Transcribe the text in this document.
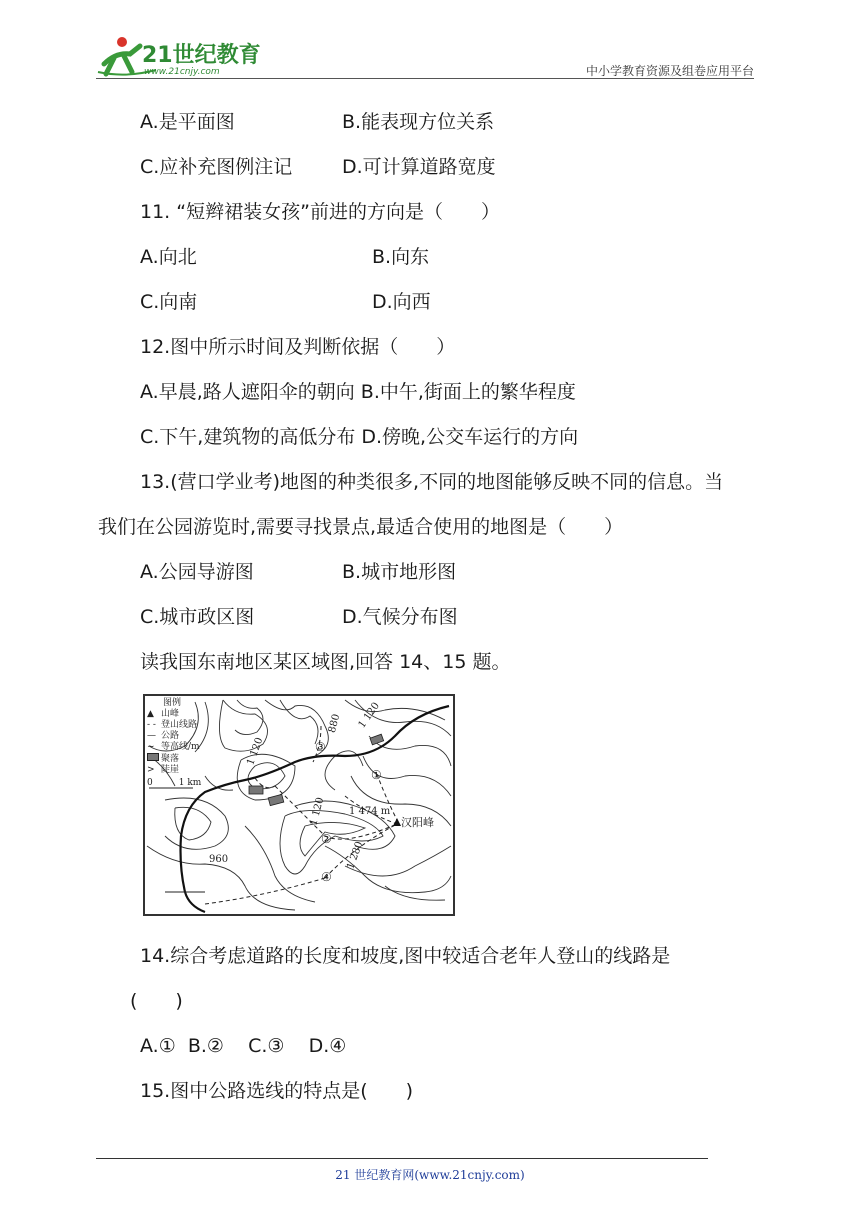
21世纪教育
www.21cnjy.com	中小学教育资源及组卷应用平台
A.是平面图	B.能表现方位关系
C.应补充图例注记	D.可计算道路宽度
11. “短辫裙装女孩”前进的方向是（　　）
A.向北	B.向东
C.向南	D.向西
12.图中所示时间及判断依据（　　）
A.早晨,路人遮阳伞的朝向 B.中午,街面上的繁华程度
C.下午,建筑物的高低分布 D.傍晚,公交车运行的方向
13.(营口学业考)地图的种类很多,不同的地图能够反映不同的信息。当
我们在公园游览时,需要寻找景点,最适合使用的地图是（　　）
A.公园导游图	B.城市地形图
C.城市政区图	D.气候分布图
读我国东南地区某区域图,回答 14、15 题。
图例
▲ 山峰
- - 登山线路
— 公路
~ 等高线/m
聚落
> 陡崖
0	1 km
880 1 120
1 120
1 120 1 474 m
汉阳峰
1 280
960
①
②
③
④
14.综合考虑道路的长度和坡度,图中较适合老年人登山的线路是
(　　)
A.①  B.②    C.③    D.④
15.图中公路选线的特点是(　　)
21 世纪教育网(www.21cnjy.com)
